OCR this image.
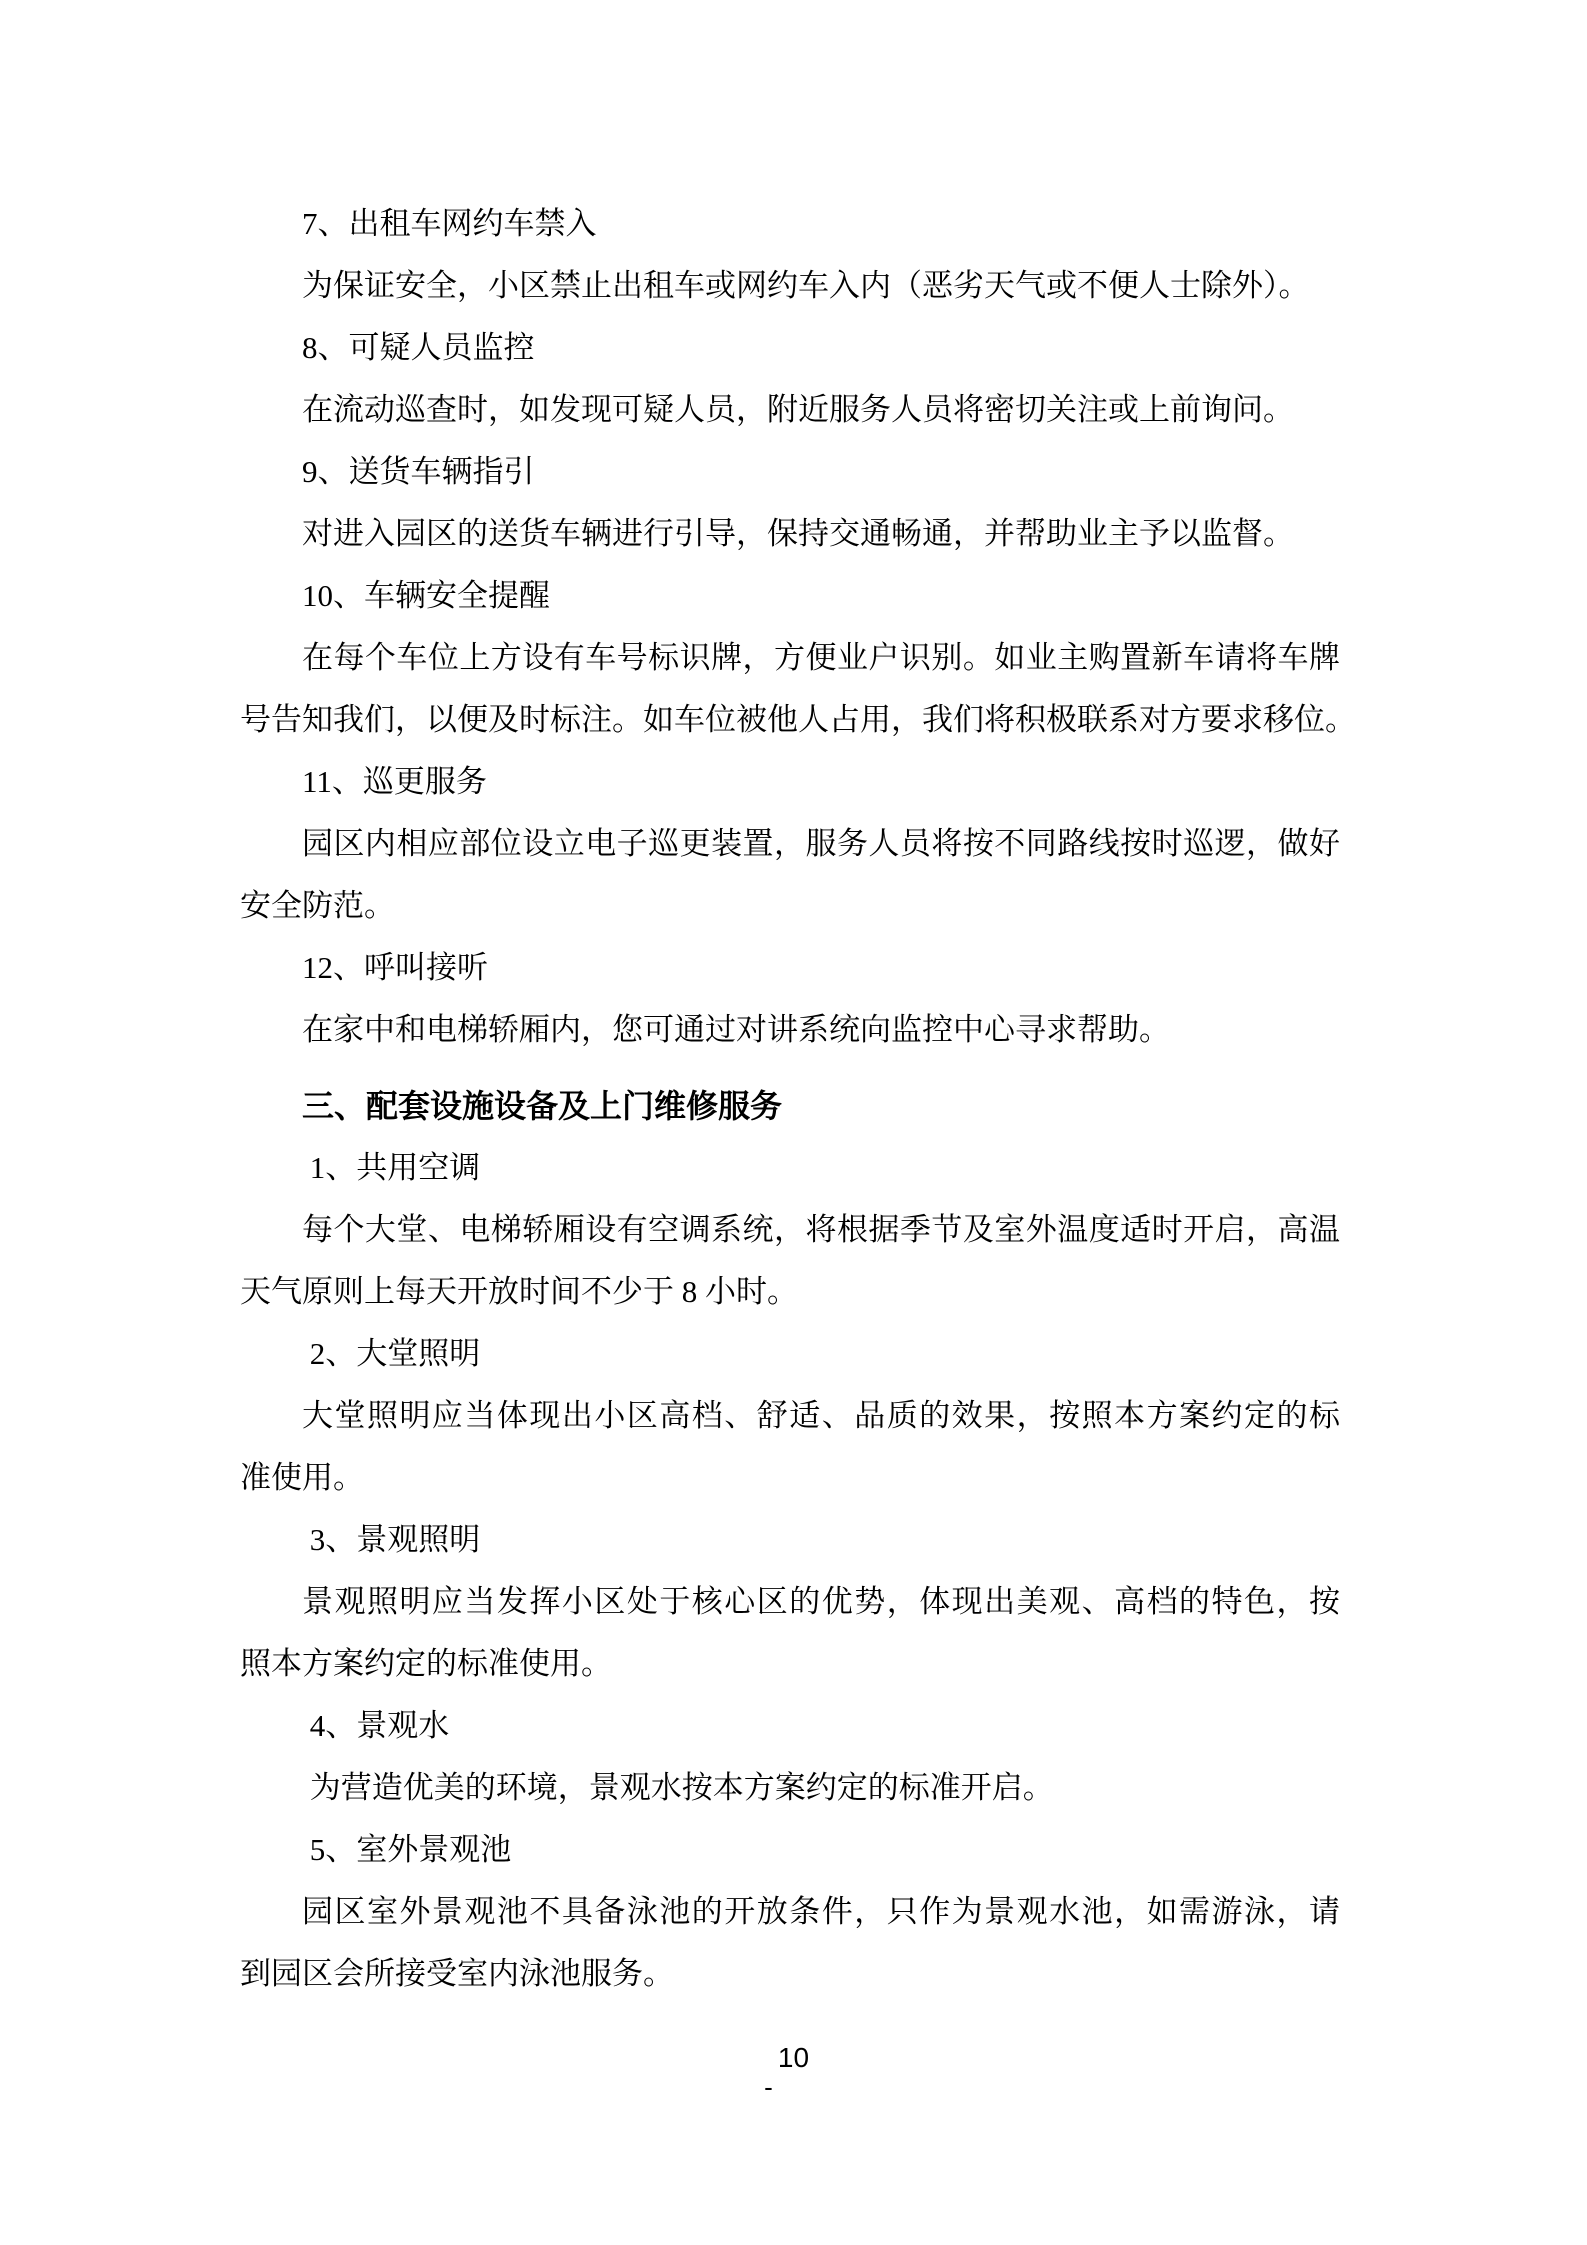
7、出租车网约车禁入
为保证安全，小区禁止出租车或网约车入内（恶劣天气或不便人士除外）。
8、可疑人员监控
在流动巡查时，如发现可疑人员，附近服务人员将密切关注或上前询问。
9、送货车辆指引
对进入园区的送货车辆进行引导，保持交通畅通，并帮助业主予以监督。
10、车辆安全提醒
在每个车位上方设有车号标识牌，方便业户识别。如业主购置新车请将车牌
号告知我们，以便及时标注。如车位被他人占用，我们将积极联系对方要求移位。
11、巡更服务
园区内相应部位设立电子巡更装置，服务人员将按不同路线按时巡逻，做好
安全防范。
12、呼叫接听
在家中和电梯轿厢内，您可通过对讲系统向监控中心寻求帮助。
三、配套设施设备及上门维修服务
1、共用空调
每个大堂、电梯轿厢设有空调系统，将根据季节及室外温度适时开启，高温
天气原则上每天开放时间不少于 8 小时。
2、大堂照明
大堂照明应当体现出小区高档、舒适、品质的效果，按照本方案约定的标
准使用。
3、景观照明
景观照明应当发挥小区处于核心区的优势，体现出美观、高档的特色，按
照本方案约定的标准使用。
4、景观水
为营造优美的环境，景观水按本方案约定的标准开启。
5、室外景观池
园区室外景观池不具备泳池的开放条件，只作为景观水池，如需游泳，请
到园区会所接受室内泳池服务。
10
-
